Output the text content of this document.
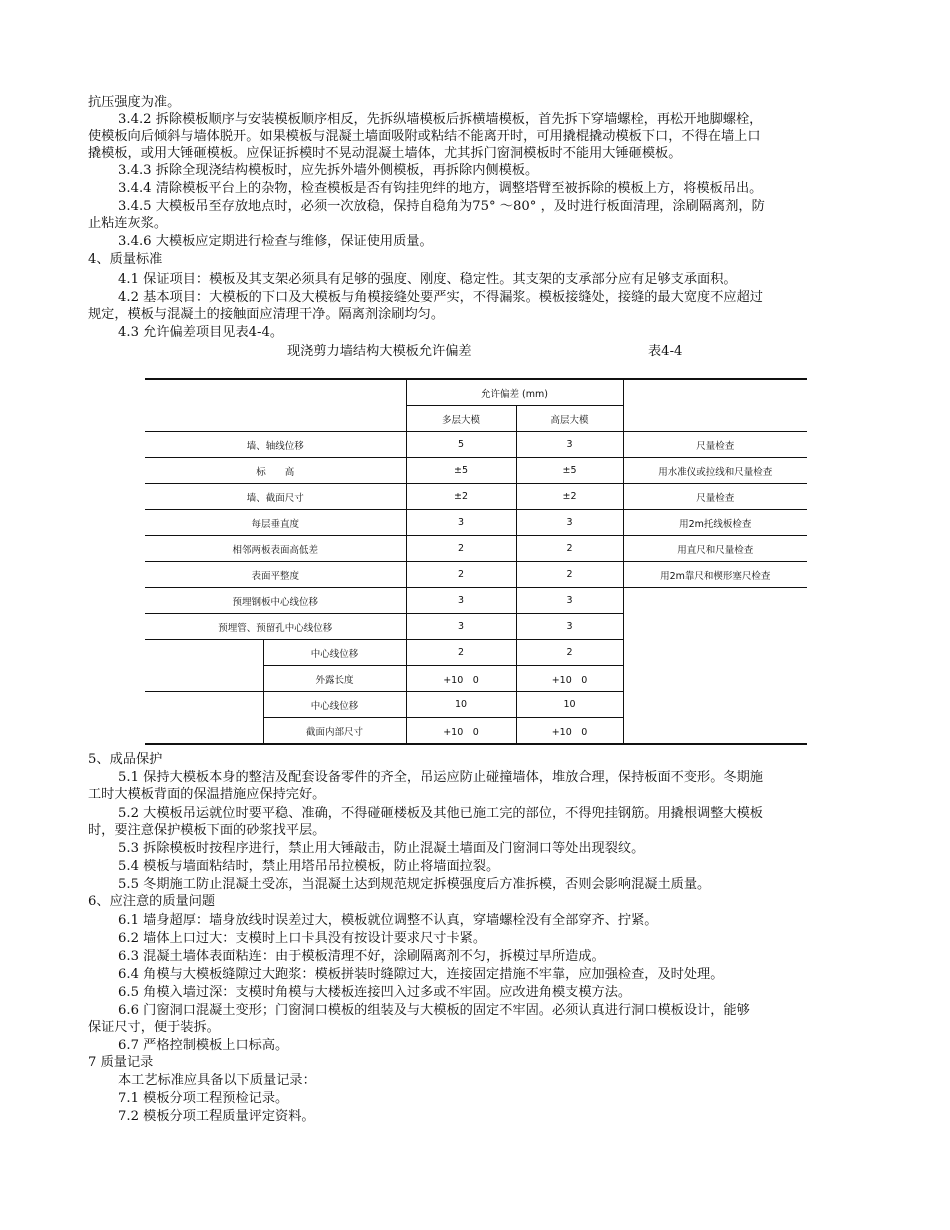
抗压强度为准。
3.4.2 拆除模板顺序与安装模板顺序相反，先拆纵墙模板后拆横墙模板，首先拆下穿墙螺栓，再松开地脚螺栓，
使模板向后倾斜与墙体脱开。如果模板与混凝土墙面吸附或粘结不能离开时，可用撬棍撬动模板下口，不得在墙上口
撬模板，或用大锤砸模板。应保证拆模时不晃动混凝土墙体，尤其拆门窗洞模板时不能用大锤砸模板。
3.4.3 拆除全现浇结构模板时，应先拆外墙外侧模板，再拆除内侧模板。
3.4.4 清除模板平台上的杂物，检查模板是否有钩挂兜绊的地方，调整塔臂至被拆除的模板上方，将模板吊出。
3.4.5 大模板吊至存放地点时，必须一次放稳，保持自稳角为75° ～80° ，及时进行板面清理，涂刷隔离剂，防
止粘连灰浆。
3.4.6 大模板应定期进行检查与维修，保证使用质量。
4、质量标准
4.1 保证项目：模板及其支架必须具有足够的强度、刚度、稳定性。其支架的支承部分应有足够支承面积。
4.2 基本项目：大模板的下口及大模板与角模接缝处要严实，不得漏浆。模板接缝处，接缝的最大宽度不应超过
规定，模板与混凝土的接触面应清理干净。隔离剂涂刷均匀。
4.3 允许偏差项目见表4-4。
现浇剪力墙结构大模板允许偏差	表4-4
		允许偏差 (mm)		
		多层大模	高层大模	
墙、轴线位移		5	3	尺量检查
标　　高		±5	±5	用水准仪或拉线和尺量检查
墙、截面尺寸		±2	±2	尺量检查
每层垂直度		3	3	用2m托线板检查
相邻两板表面高低差		2	2	用直尺和尺量检查
表面平整度		2	2	用2m靠尺和楔形塞尺检查
预埋钢板中心线位移		3	3	
预埋管、预留孔中心线位移		3	3	
	中心线位移	2	2	
	外露长度	+10　0	+10　0	
	中心线位移	10	10	
	截面内部尺寸	+10　0	+10　0	
5、成品保护
5.1 保持大模板本身的整洁及配套设备零件的齐全，吊运应防止碰撞墙体，堆放合理，保持板面不变形。冬期施
工时大模板背面的保温措施应保持完好。
5.2 大模板吊运就位时要平稳、准确，不得碰砸楼板及其他已施工完的部位，不得兜挂钢筋。用撬根调整大模板
时，要注意保护模板下面的砂浆找平层。
5.3 拆除模板时按程序进行，禁止用大锤敲击，防止混凝土墙面及门窗洞口等处出现裂纹。
5.4 模板与墙面粘结时，禁止用塔吊吊拉模板，防止将墙面拉裂。
5.5 冬期施工防止混凝土受冻，当混凝土达到规范规定拆模强度后方准拆模，否则会影响混凝土质量。
6、应注意的质量问题
6.1 墙身超厚：墙身放线时误差过大，模板就位调整不认真，穿墙螺栓没有全部穿齐、拧紧。
6.2 墙体上口过大：支模时上口卡具没有按设计要求尺寸卡紧。
6.3 混凝土墙体表面粘连：由于模板清理不好，涂刷隔离剂不匀，拆模过早所造成。
6.4 角模与大模板缝隙过大跑浆：模板拼装时缝隙过大，连接固定措施不牢靠，应加强检查，及时处理。
6.5 角模入墙过深：支模时角模与大楼板连接凹入过多或不牢固。应改进角模支模方法。
6.6 门窗洞口混凝土变形；门窗洞口模板的组装及与大模板的固定不牢固。必须认真进行洞口模板设计，能够
保证尺寸，便于装拆。
6.7 严格控制模板上口标高。
7 质量记录
本工艺标准应具备以下质量记录：
7.1 模板分项工程预检记录。
7.2 模板分项工程质量评定资料。
